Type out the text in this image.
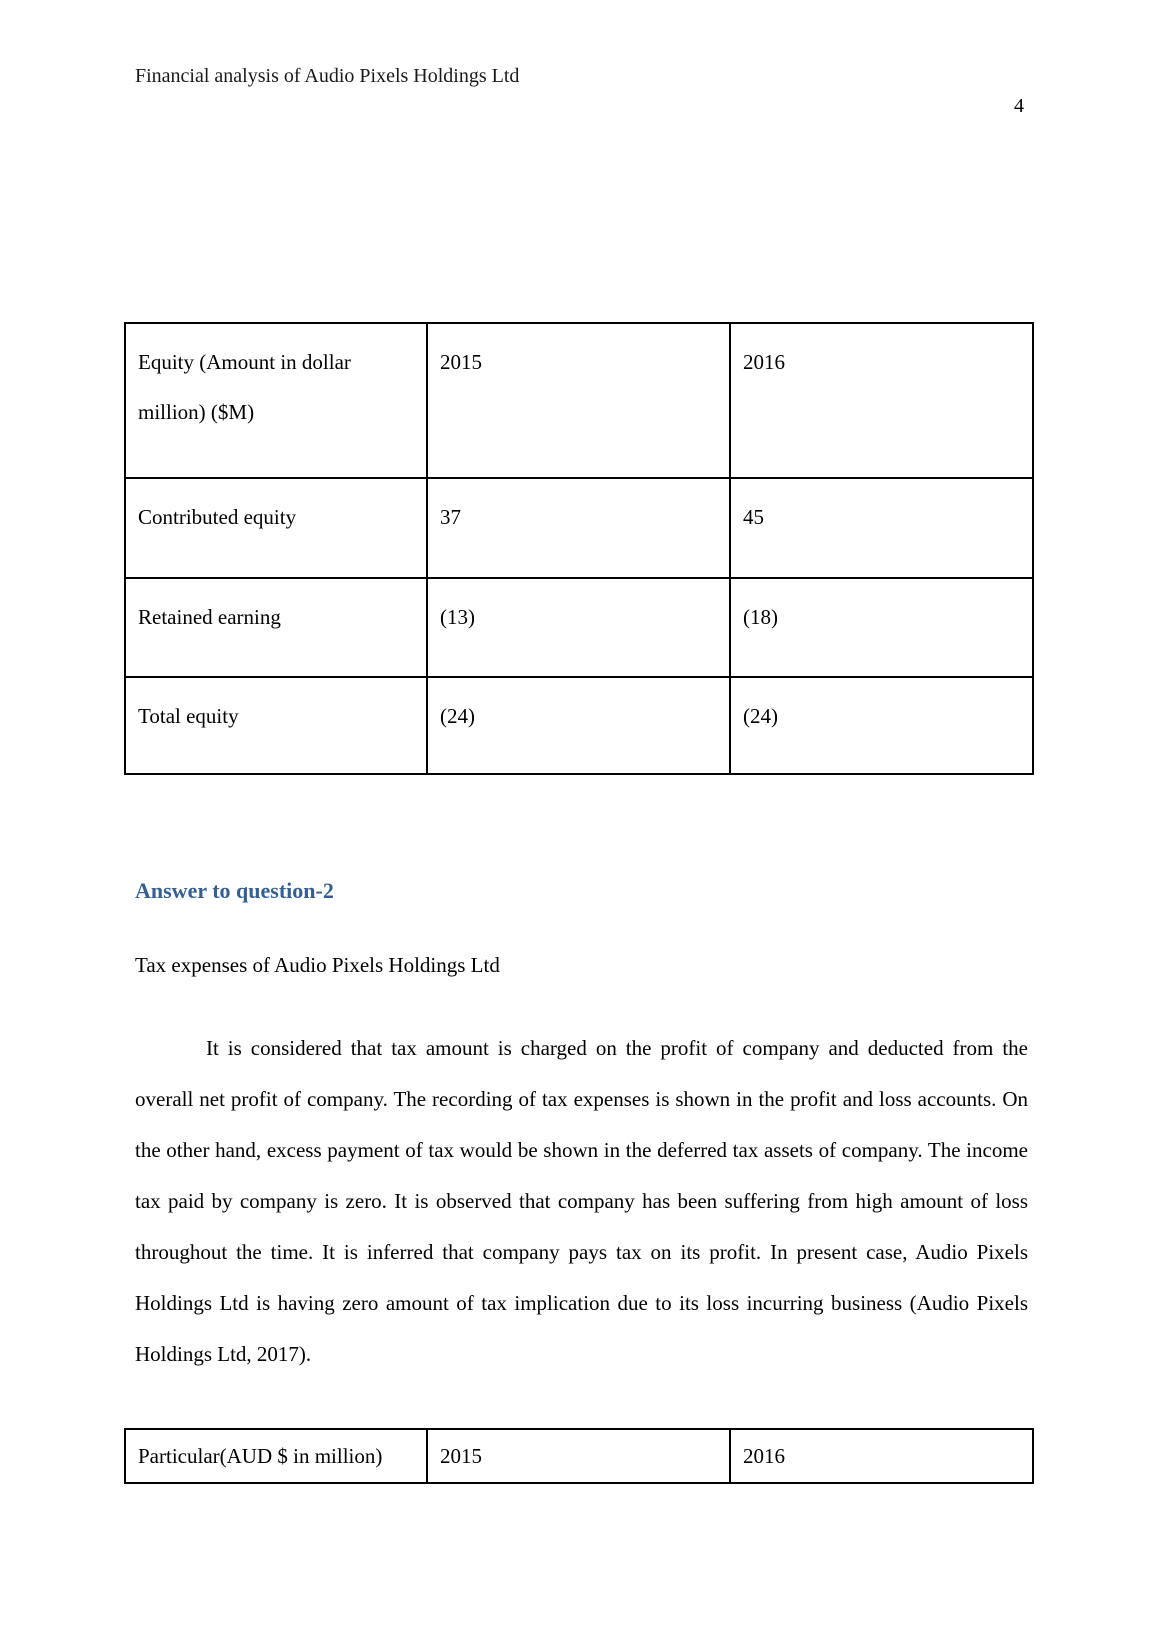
Financial analysis of Audio Pixels Holdings Ltd
4
Equity (Amount in dollar million) ($M)	2015	2016
Contributed equity	37	45
Retained earning	(13)	(18)
Total equity	(24)	(24)
Answer to question-2
Tax expenses of Audio Pixels Holdings Ltd

It is considered that tax amount is charged on the profit of company and deducted from the overall net profit of company. The recording of tax expenses is shown in the profit and loss accounts. On the other hand, excess payment of tax would be shown in the deferred tax assets of company. The income tax paid by company is zero. It is observed that company has been suffering from high amount of loss throughout the time. It is inferred that company pays tax on its profit. In present case, Audio Pixels Holdings Ltd is having zero amount of tax implication due to its loss incurring business (Audio Pixels Holdings Ltd, 2017).

Particular(AUD $ in million)	2015	2016
